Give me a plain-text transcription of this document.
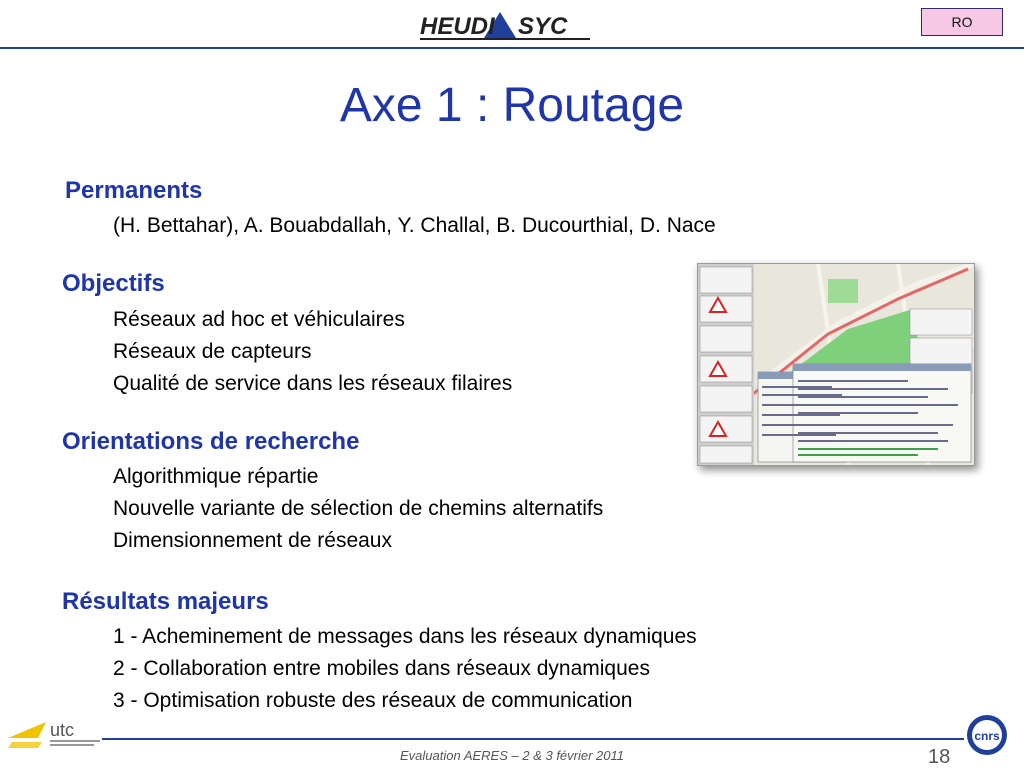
HEUDI SYC	RO
Axe 1 : Routage
Permanents
(H. Bettahar), A. Bouabdallah, Y. Challal, B. Ducourthial, D. Nace
Objectifs
Réseaux ad hoc et véhiculaires
Réseaux de capteurs
Qualité de service dans les réseaux filaires
Orientations de recherche
Algorithmique répartie
Nouvelle variante de sélection de chemins alternatifs
Dimensionnement de réseaux
Résultats majeurs
1 - Acheminement de messages dans les réseaux dynamiques
2 - Collaboration entre mobiles dans réseaux dynamiques
3 - Optimisation robuste des réseaux de communication
utc
Evaluation AERES – 2 & 3 février 2011	18
cnrs
